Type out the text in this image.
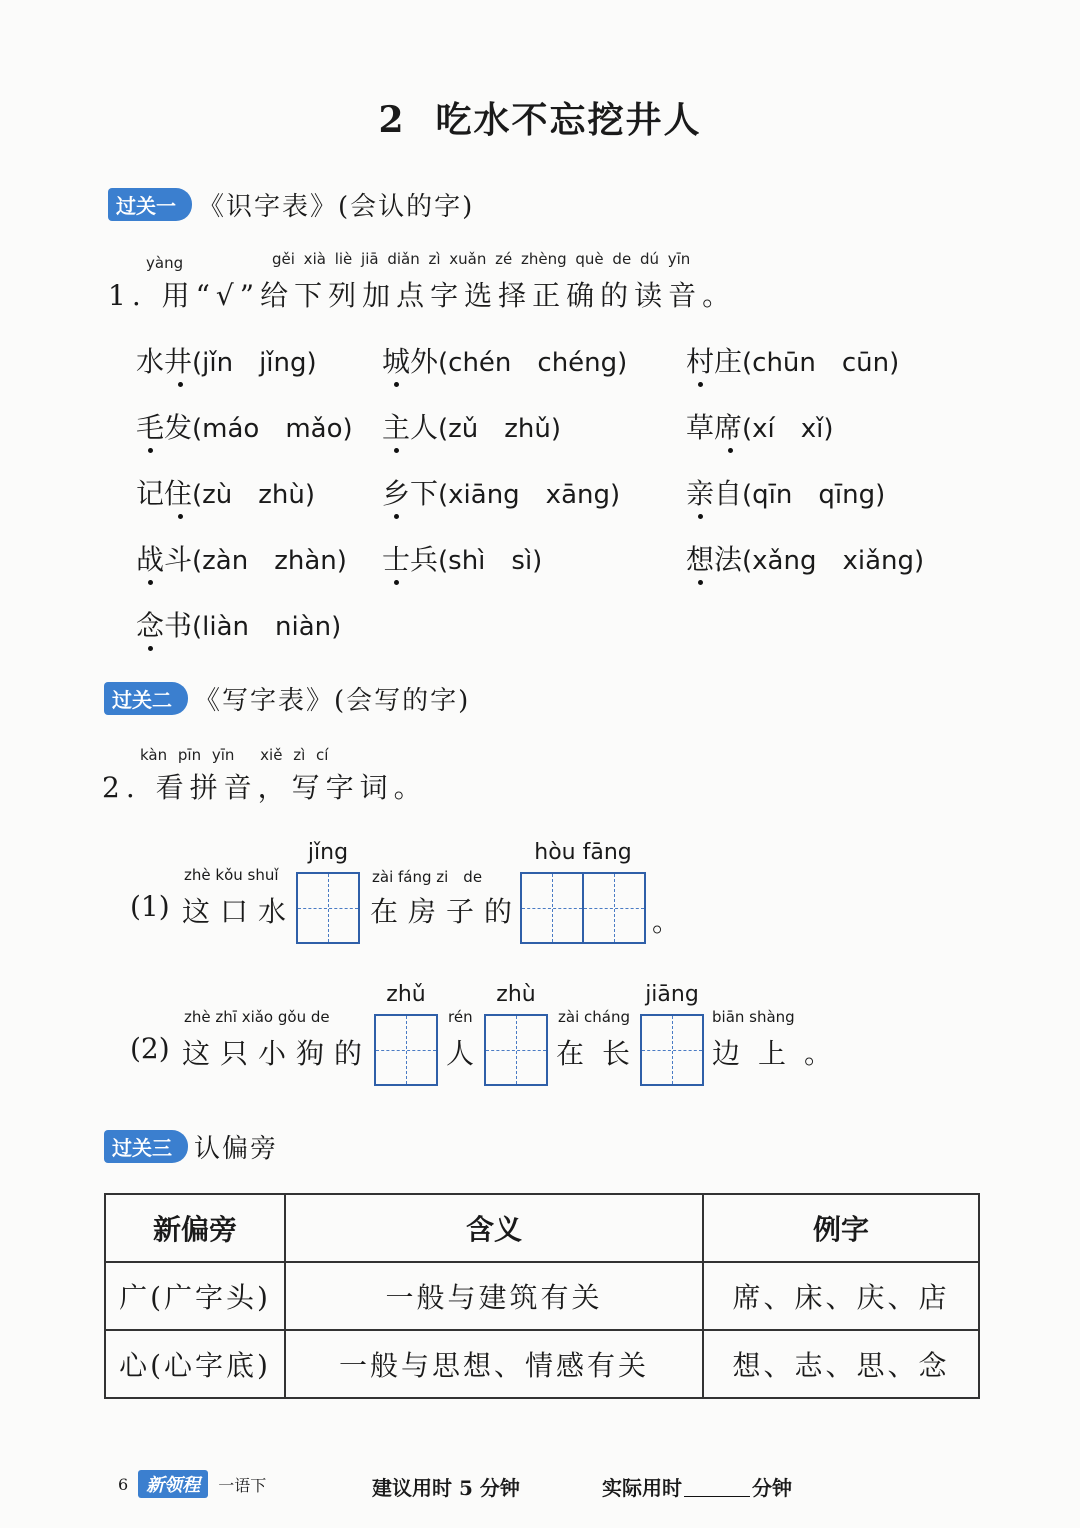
2 吃水不忘挖井人
过关一 《识字表》(会认的字)
yàng	gěi xià liè jiā diǎn zì xuǎn zé zhèng què de dú yīn
1. 用“√”给下列加点字选择正确的读音。
水井(jǐn　jǐng) 城外(chén　chéng) 村庄(chūn　cūn)
毛发(máo　mǎo) 主人(zǔ　zhǔ)	草席(xí　xǐ)
记住(zù　zhù) 乡下(xiāng　xāng) 亲自(qīn　qīng)
战斗(zàn　zhàn) 士兵(shì　sì)	想法(xǎng　xiǎng)
念书(liàn　niàn)
过关二 《写字表》(会写的字)
kàn pīn yīn　 xiě zì cí
2. 看拼音，写字词。
(1)
zhè kǒu shuǐ
这口水
jǐng
zài fáng zi　de
在房子的
hòu fāng
。
(2)
zhè zhī xiǎo gǒu de
这只小狗的
zhǔ
rén
人
zhù
zài cháng
在长
jiāng
biān shàng
边上。
过关三 认偏旁
新偏旁	含义	例字
广(广字头)	一般与建筑有关	席、床、庆、店
心(心字底)	一般与思想、情感有关	想、志、思、念
6	新领程	一语下	建议用时 5 分钟	实际用时	分钟
